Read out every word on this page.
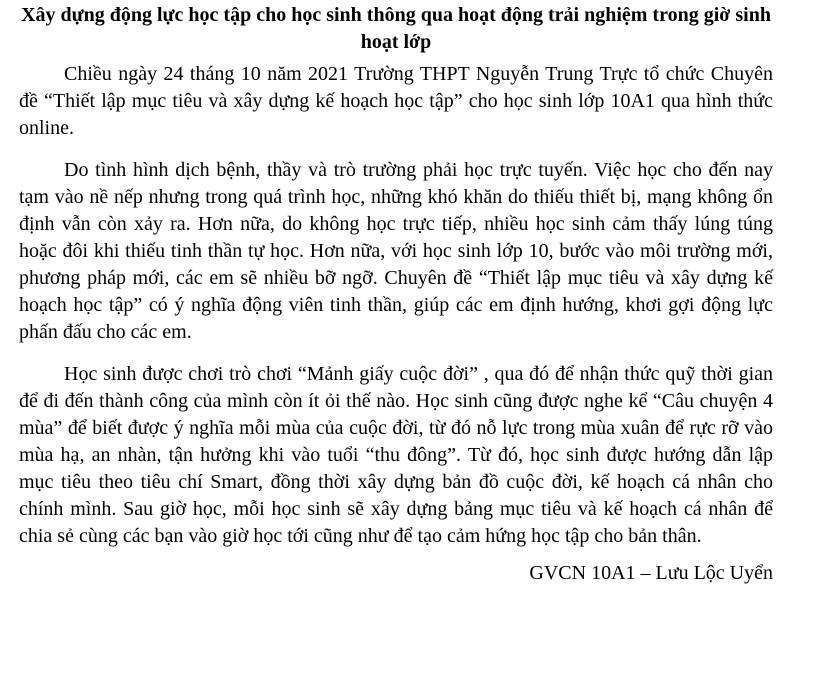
Xây dựng động lực học tập cho học sinh thông qua hoạt động trải nghiệm trong giờ sinh hoạt lớp

Chiều ngày 24 tháng 10 năm 2021 Trường THPT Nguyễn Trung Trực tổ chức Chuyên đề “Thiết lập mục tiêu và xây dựng kế hoạch học tập” cho học sinh lớp 10A1 qua hình thức online.

Do tình hình dịch bệnh, thầy và trò trường phải học trực tuyến. Việc học cho đến nay tạm vào nề nếp nhưng trong quá trình học, những khó khăn do thiếu thiết bị, mạng không ổn định vẫn còn xảy ra. Hơn nữa, do không học trực tiếp, nhiều học sinh cảm thấy lúng túng hoặc đôi khi thiếu tinh thần tự học. Hơn nữa, với học sinh lớp 10, bước vào môi trường mới, phương pháp mới, các em sẽ nhiều bỡ ngỡ. Chuyên đề “Thiết lập mục tiêu và xây dựng kế hoạch học tập” có ý nghĩa động viên tinh thần, giúp các em định hướng, khơi gợi động lực phấn đấu cho các em.

Học sinh được chơi trò chơi “Mảnh giấy cuộc đời” , qua đó để nhận thức quỹ thời gian để đi đến thành công của mình còn ít ỏi thế nào. Học sinh cũng được nghe kể “Câu chuyện 4 mùa” để biết được ý nghĩa mỗi mùa của cuộc đời, từ đó nỗ lực trong mùa xuân để rực rỡ vào mùa hạ, an nhàn, tận hưởng khi vào tuổi “thu đông”. Từ đó, học sinh được hướng dẫn lập mục tiêu theo tiêu chí Smart, đồng thời xây dựng bản đồ cuộc đời, kế hoạch cá nhân cho chính mình. Sau giờ học, mỗi học sinh sẽ xây dựng bảng mục tiêu và kế hoạch cá nhân để chia sẻ cùng các bạn vào giờ học tới cũng như để tạo cảm hứng học tập cho bản thân.

GVCN 10A1 – Lưu Lộc Uyển
